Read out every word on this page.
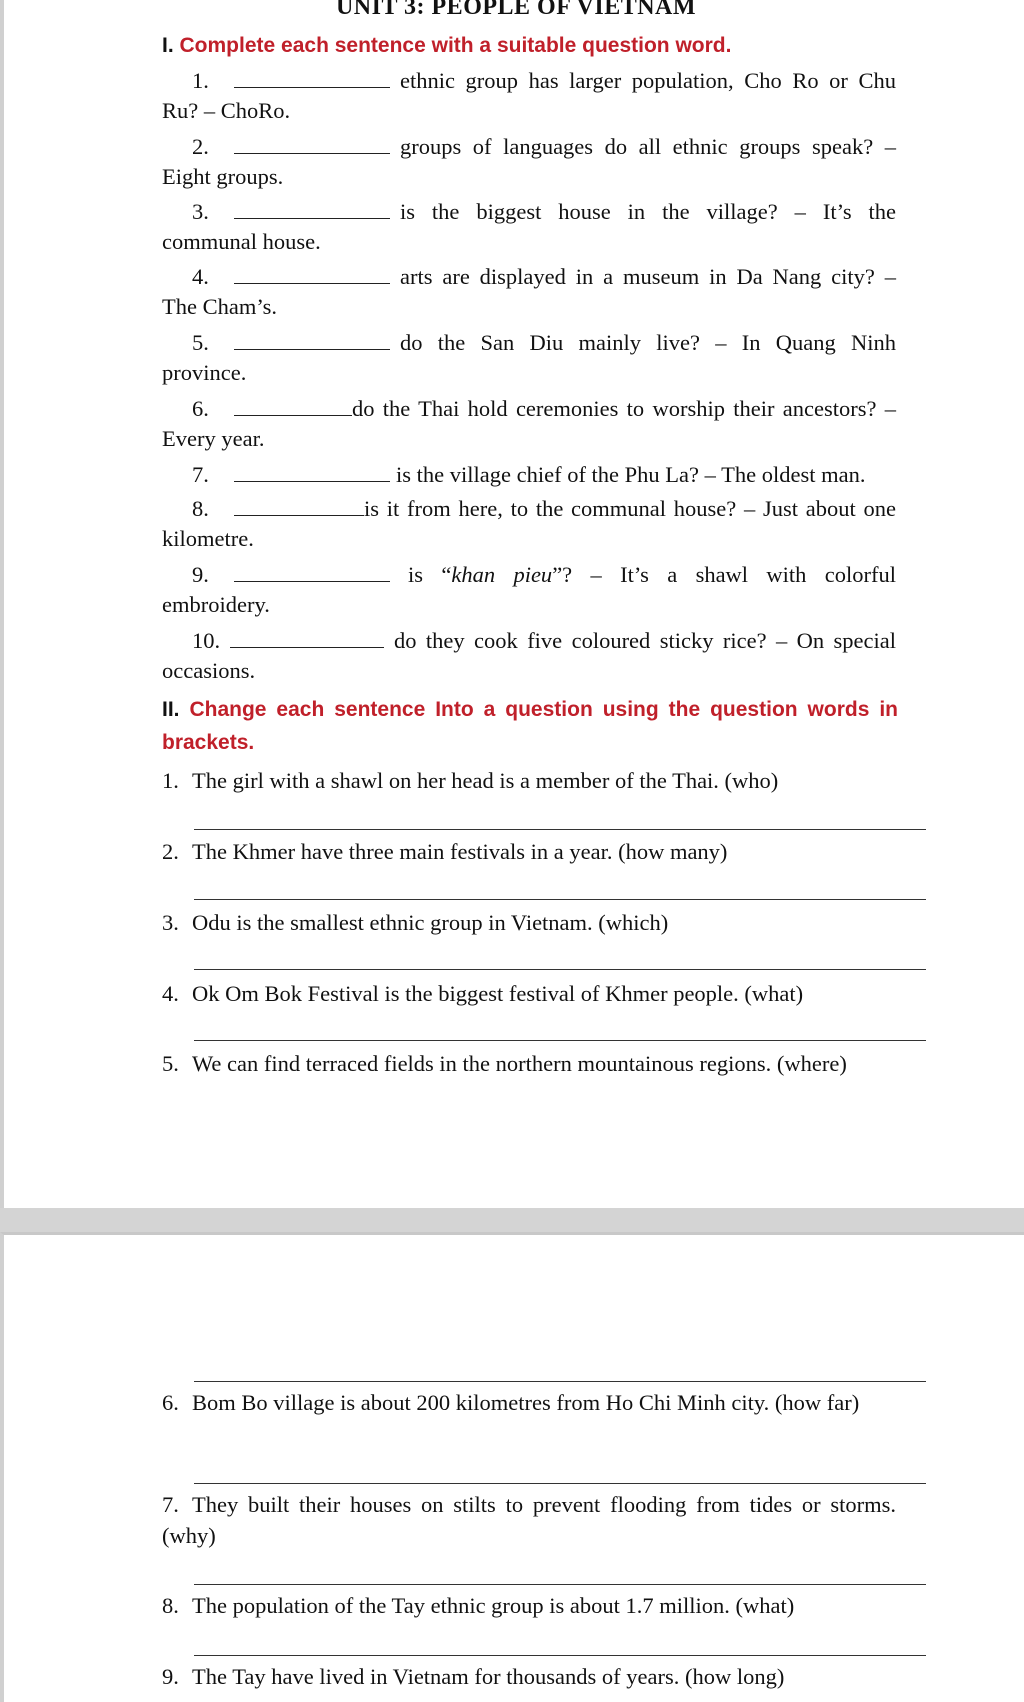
UNIT 3: PEOPLE OF VIETNAM
I. Complete each sentence with a suitable question word.
1.	ethnic group has larger population, Cho Ro or Chu
Ru? – ChoRo.
2.	groups of languages do all ethnic groups speak? –
Eight groups.
3.	is the biggest house in the village? – It’s the
communal house.
4.	arts are displayed in a museum in Da Nang city? –
The Cham’s.
5.	do the San Diu mainly live? – In Quang Ninh
province.
6.	do the Thai hold ceremonies to worship their ancestors? –
Every year.
7.	is the village chief of the Phu La? – The oldest man.
8.	is it from here, to the communal house? – Just about one
kilometre.
9.	is “khan pieu”? – It’s a shawl with colorful
embroidery.
10.	do they cook five coloured sticky rice? – On special
occasions.
II. Change each sentence Into a question using the question words in brackets.
1. The girl with a shawl on her head is a member of the Thai. (who)
2. The Khmer have three main festivals in a year. (how many)
3. Odu is the smallest ethnic group in Vietnam. (which)
4. Ok Om Bok Festival is the biggest festival of Khmer people. (what)
5. We can find terraced fields in the northern mountainous regions. (where)
6. Bom Bo village is about 200 kilometres from Ho Chi Minh city. (how far)
7. They built their houses on stilts to prevent flooding from tides or storms. (why)
8. The population of the Tay ethnic group is about 1.7 million. (what)
9. The Tay have lived in Vietnam for thousands of years. (how long)
